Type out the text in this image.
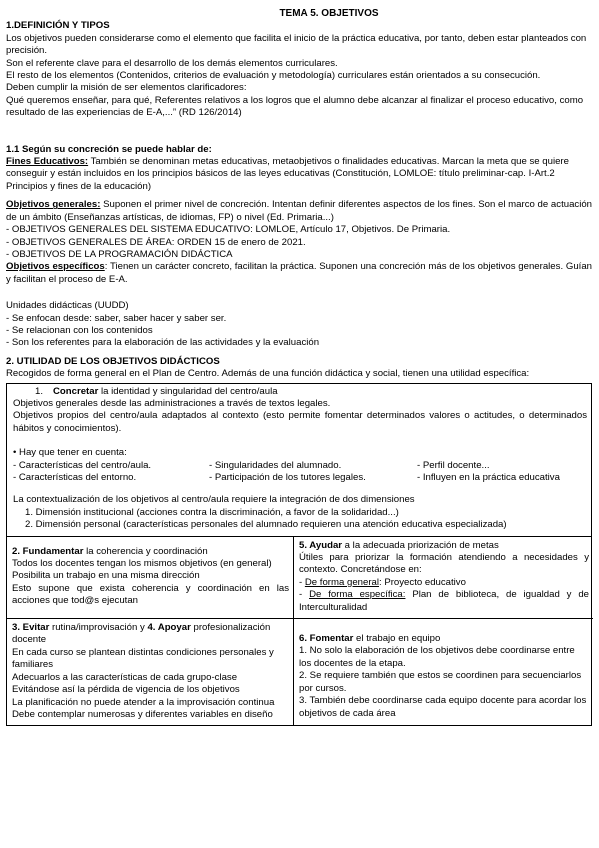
TEMA 5. OBJETIVOS

1.DEFINICIÓN Y TIPOS

Los objetivos pueden considerarse como el elemento que facilita el inicio de la práctica educativa, por tanto, deben estar planteados con precisión.

Son el referente clave para el desarrollo de los demás elementos curriculares.

El resto de los elementos (Contenidos, criterios de evaluación y metodología) curriculares están orientados a su consecución.

Deben cumplir la misión de ser elementos clarificadores:

Qué queremos enseñar, para qué, Referentes relativos a los logros que el alumno debe alcanzar al finalizar el proceso educativo, como resultado de las experiencias de E-A,...” (RD 126/2014)

1.1 Según su concreción se puede hablar de:

Fines Educativos: También se denominan metas educativas, metaobjetivos o finalidades educativas. Marcan la meta que se quiere conseguir y están incluidos en los principios básicos de las leyes educativas (Constitución, LOMLOE: título preliminar-cap. I-Art.2 Principios y fines de la educación)

Objetivos generales: Suponen el primer nivel de concreción. Intentan definir diferentes aspectos de los fines. Son el marco de actuación de un ámbito (Enseñanzas artísticas, de idiomas, FP) o nivel (Ed. Primaria...)

- OBJETIVOS GENERALES DEL SISTEMA EDUCATIVO: LOMLOE, Artículo 17, Objetivos. De Primaria.

- OBJETIVOS GENERALES DE ÁREA: ORDEN 15 de enero de 2021.

- OBJETIVOS DE LA PROGRAMACIÓN DIDÁCTICA

Objetivos específicos: Tienen un carácter concreto, facilitan la práctica. Suponen una concreción más de los objetivos generales. Guían y facilitan el proceso de E-A.

Unidades didácticas (UUDD)

- Se enfocan desde: saber, saber hacer y saber ser.

- Se relacionan con los contenidos

- Son los referentes para la elaboración de las actividades y la evaluación

2. UTILIDAD DE LOS OBJETIVOS DIDÁCTICOS

Recogidos de forma general en el Plan de Centro. Además de una función didáctica y social, tienen una utilidad específica:

1. Concretar la identidad y singularidad del centro/aula

Objetivos generales desde las administraciones a través de textos legales.

Objetivos propios del centro/aula adaptados al contexto (esto permite fomentar determinados valores o actitudes, o determinados hábitos y conocimientos).

• Hay que tener en cuenta:

- Características del centro/aula.	- Singularidades del alumnado.	- Perfil docente...
- Características del entorno.	- Participación de los tutores legales.	- Influyen en la práctica educativa

La contextualización de los objetivos al centro/aula requiere la integración de dos dimensiones

1. Dimensión institucional (acciones contra la discriminación, a favor de la solidaridad...)

2. Dimensión personal (características personales del alumnado requieren una atención educativa especializada)

2. Fundamentar la coherencia y coordinación

Todos los docentes tengan los mismos objetivos (en general)

Posibilita un trabajo en una misma dirección

Esto supone que exista coherencia y coordinación en las acciones que tod@s ejecutan

5. Ayudar a la adecuada priorización de metas

Útiles para priorizar la formación atendiendo a necesidades y contexto. Concretándose en:

- De forma general: Proyecto educativo

- De forma específica: Plan de biblioteca, de igualdad y de Interculturalidad

3. Evitar rutina/improvisación y 4. Apoyar profesionalización docente

En cada curso se plantean distintas condiciones personales y familiares

Adecuarlos a las características de cada grupo-clase

Evitándose así la pérdida de vigencia de los objetivos

La planificación no puede atender a la improvisación continua

Debe contemplar numerosas y diferentes variables en diseño

6. Fomentar el trabajo en equipo

1. No solo la elaboración de los objetivos debe coordinarse entre los docentes de la etapa.

2. Se requiere también que estos se coordinen para secuenciarlos por cursos.

3. También debe coordinarse cada equipo docente para acordar los objetivos de cada área
